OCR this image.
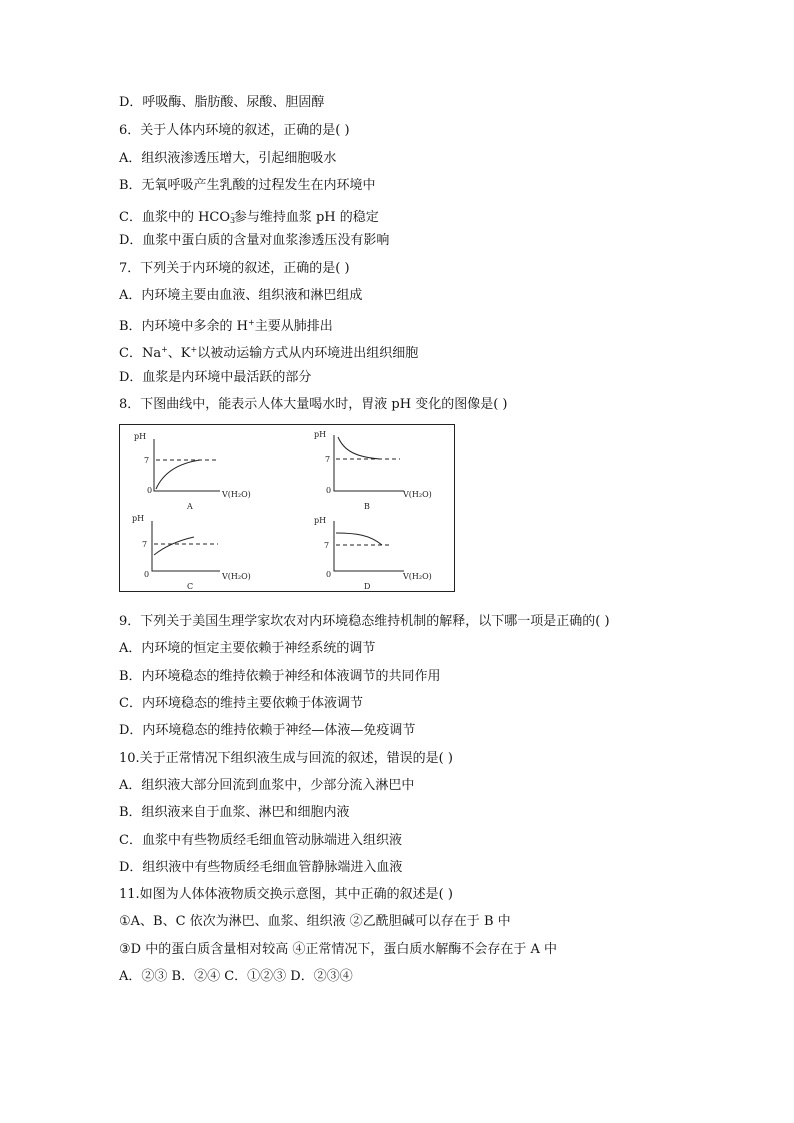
D．呼吸酶、脂肪酸、尿酸、胆固醇
6．关于人体内环境的叙述，正确的是( )
A．组织液渗透压增大，引起细胞吸水
B．无氧呼吸产生乳酸的过程发生在内环境中
C．血浆中的 $HCO_3^-$参与维持血浆 pH 的稳定
D．血浆中蛋白质的含量对血浆渗透压没有影响
7．下列关于内环境的叙述，正确的是( )
A．内环境主要由血液、组织液和淋巴组成
B．内环境中多余的 H+主要从肺排出
C．Na+、K+以被动运输方式从内环境进出组织细胞
D．血浆是内环境中最活跃的部分
8．下图曲线中，能表示人体大量喝水时，胃液 pH 变化的图像是( )
pH
7
0	V(H₂O)
A
pH
7
0	V(H₂O)
B
pH
7
0	V(H₂O)
C
pH
7
0	V(H₂O)
D
9．下列关于美国生理学家坎农对内环境稳态维持机制的解释，以下哪一项是正确的( )
A．内环境的恒定主要依赖于神经系统的调节
B．内环境稳态的维持依赖于神经和体液调节的共同作用
C．内环境稳态的维持主要依赖于体液调节
D．内环境稳态的维持依赖于神经—体液—免疫调节
10.关于正常情况下组织液生成与回流的叙述，错误的是( )
A．组织液大部分回流到血浆中，少部分流入淋巴中
B．组织液来自于血浆、淋巴和细胞内液
C．血浆中有些物质经毛细血管动脉端进入组织液
D．组织液中有些物质经毛细血管静脉端进入血液
11.如图为人体体液物质交换示意图，其中正确的叙述是( )
①A、B、C 依次为淋巴、血浆、组织液 ②乙酰胆碱可以存在于 B 中
③D 中的蛋白质含量相对较高 ④正常情况下，蛋白质水解酶不会存在于 A 中
A．②③ B．②④ C．①②③ D．②③④
